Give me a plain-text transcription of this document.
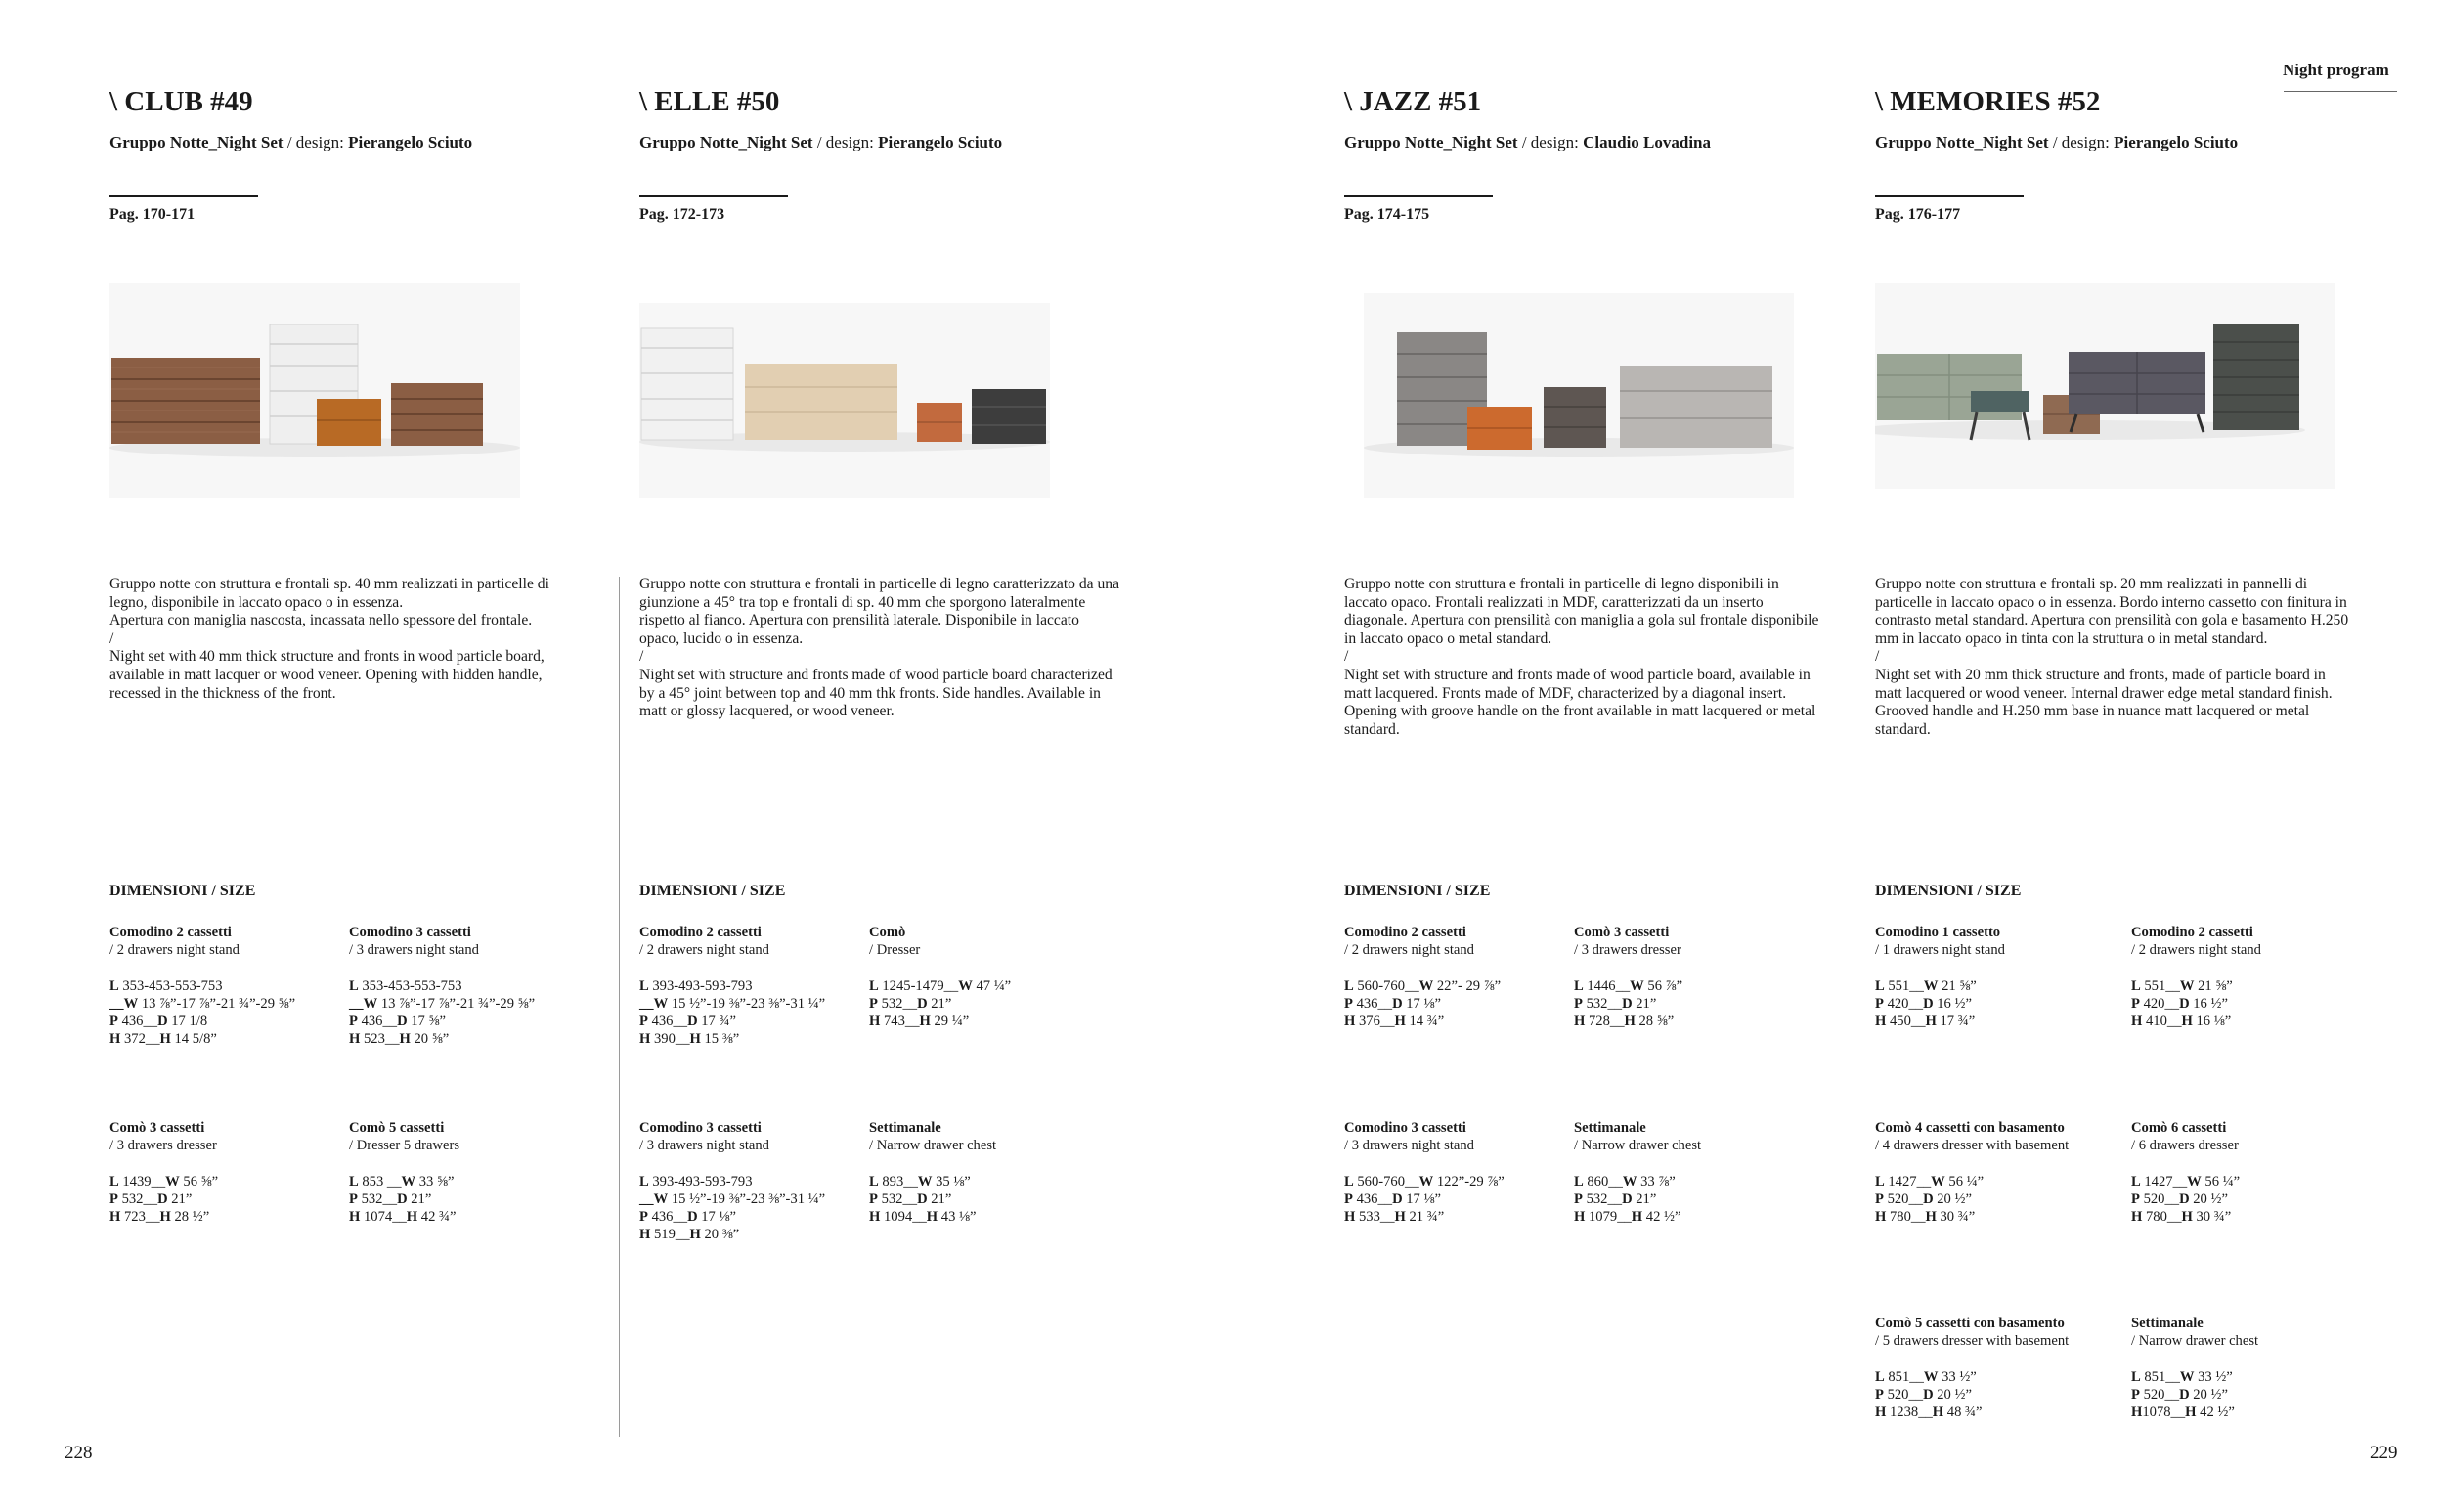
Night program
\ CLUB #49
Gruppo Notte_Night Set / design: Pierangelo Sciuto
Pag. 170-171

Gruppo notte con struttura e frontali sp. 40 mm realizzati in particelle di legno, disponibile in laccato opaco o in essenza.

Apertura con maniglia nascosta, incassata nello spessore del frontale.

/

Night set with 40 mm thick structure and fronts in wood particle board, available in matt lacquer or wood veneer. Opening with hidden handle, recessed in the thickness of the front.

DIMENSIONI / SIZE
Comodino 2 cassetti
/ 2 drawers night stand
L 353-453-553-753
__W 13 ⅞”-17 ⅞”-21 ¾”-29 ⅝”
P 436__D 17 1/8
H 372__H 14 5/8”
Comodino 3 cassetti
/ 3 drawers night stand
L 353-453-553-753
__W 13 ⅞”-17 ⅞”-21 ¾”-29 ⅝”
P 436__D 17 ⅝”
H 523__H 20 ⅝”
Comò 3 cassetti
/ 3 drawers dresser
L 1439__W 56 ⅝”
P 532__D 21”
H 723__H 28 ½”
Comò 5 cassetti
/ Dresser 5 drawers
L 853 __W 33 ⅝”
P 532__D 21”
H 1074__H 42 ¾”
\ ELLE #50
Gruppo Notte_Night Set / design: Pierangelo Sciuto
Pag. 172-173

Gruppo notte con struttura e frontali in particelle di legno caratterizzato da una giunzione a 45° tra top e frontali di sp. 40 mm che sporgono lateralmente rispetto al fianco. Apertura con prensilità laterale. Disponibile in laccato opaco, lucido o in essenza.

/

Night set with structure and fronts made of wood particle board characterized by a 45° joint between top and 40 mm thk fronts. Side handles. Available in matt or glossy lacquered, or wood veneer.

DIMENSIONI / SIZE
Comodino 2 cassetti
/ 2 drawers night stand
L 393-493-593-793
__W 15 ½”-19 ⅜”-23 ⅜”-31 ¼”
P 436__D 17 ¾”
H 390__H 15 ⅜”
Comò
/ Dresser
L 1245-1479__W 47 ¼”
P 532__D 21”
H 743__H 29 ¼”
Comodino 3 cassetti
/ 3 drawers night stand
L 393-493-593-793
__W 15 ½”-19 ⅜”-23 ⅜”-31 ¼”
P 436__D 17 ⅛”
H 519__H 20 ⅜”
Settimanale
/ Narrow drawer chest
L 893__W 35 ⅛”
P 532__D 21”
H 1094__H 43 ⅛”
\ JAZZ #51
Gruppo Notte_Night Set / design: Claudio Lovadina
Pag. 174-175

Gruppo notte con struttura e frontali in particelle di legno disponibili in laccato opaco. Frontali realizzati in MDF, caratterizzati da un inserto diagonale. Apertura con prensilità con maniglia a gola sul frontale disponibile in laccato opaco o metal standard.

/

Night set with structure and fronts made of wood particle board, available in matt lacquered. Fronts made of MDF, characterized by a diagonal insert. Opening with groove handle on the front available in matt lacquered or metal standard.

DIMENSIONI / SIZE
Comodino 2 cassetti
/ 2 drawers night stand
L 560-760__W 22”- 29 ⅞”
P 436__D 17 ⅛”
H 376__H 14 ¾”
Comò 3 cassetti
/ 3 drawers dresser
L 1446__W 56 ⅞”
P 532__D 21”
H 728__H 28 ⅝”
Comodino 3 cassetti
/ 3 drawers night stand
L 560-760__W 122”-29 ⅞”
P 436__D 17 ⅛”
H 533__H 21 ¾”
Settimanale
/ Narrow drawer chest
L 860__W 33 ⅞”
P 532__D 21”
H 1079__H 42 ½”
\ MEMORIES #52
Gruppo Notte_Night Set / design: Pierangelo Sciuto
Pag. 176-177

Gruppo notte con struttura e frontali sp. 20 mm realizzati in pannelli di particelle in laccato opaco o in essenza. Bordo interno cassetto con finitura in contrasto metal standard. Apertura con prensilità con gola e basamento H.250 mm in laccato opaco in tinta con la struttura o in metal standard.

/

Night set with 20 mm thick structure and fronts, made of particle board in matt lacquered or wood veneer. Internal drawer edge metal standard finish. Grooved handle and H.250 mm base in nuance matt lacquered or metal standard.

DIMENSIONI / SIZE
Comodino 1 cassetto
/ 1 drawers night stand
L 551__W 21 ⅝”
P 420__D 16 ½”
H 450__H 17 ¾”
Comodino 2 cassetti
/ 2 drawers night stand
L 551__W 21 ⅝”
P 420__D 16 ½”
H 410__H 16 ⅛”
Comò 4 cassetti con basamento
/ 4 drawers dresser with basement
L 1427__W 56 ¼”
P 520__D 20 ½”
H 780__H 30 ¾”
Comò 6 cassetti
/ 6 drawers dresser
L 1427__W 56 ¼”
P 520__D 20 ½”
H 780__H 30 ¾”
Comò 5 cassetti con basamento
/ 5 drawers dresser with basement
L 851__W 33 ½”
P 520__D 20 ½”
H 1238__H 48 ¾”
Settimanale
/ Narrow drawer chest
L 851__W 33 ½”
P 520__D 20 ½”
H1078__H 42 ½”
228	229
